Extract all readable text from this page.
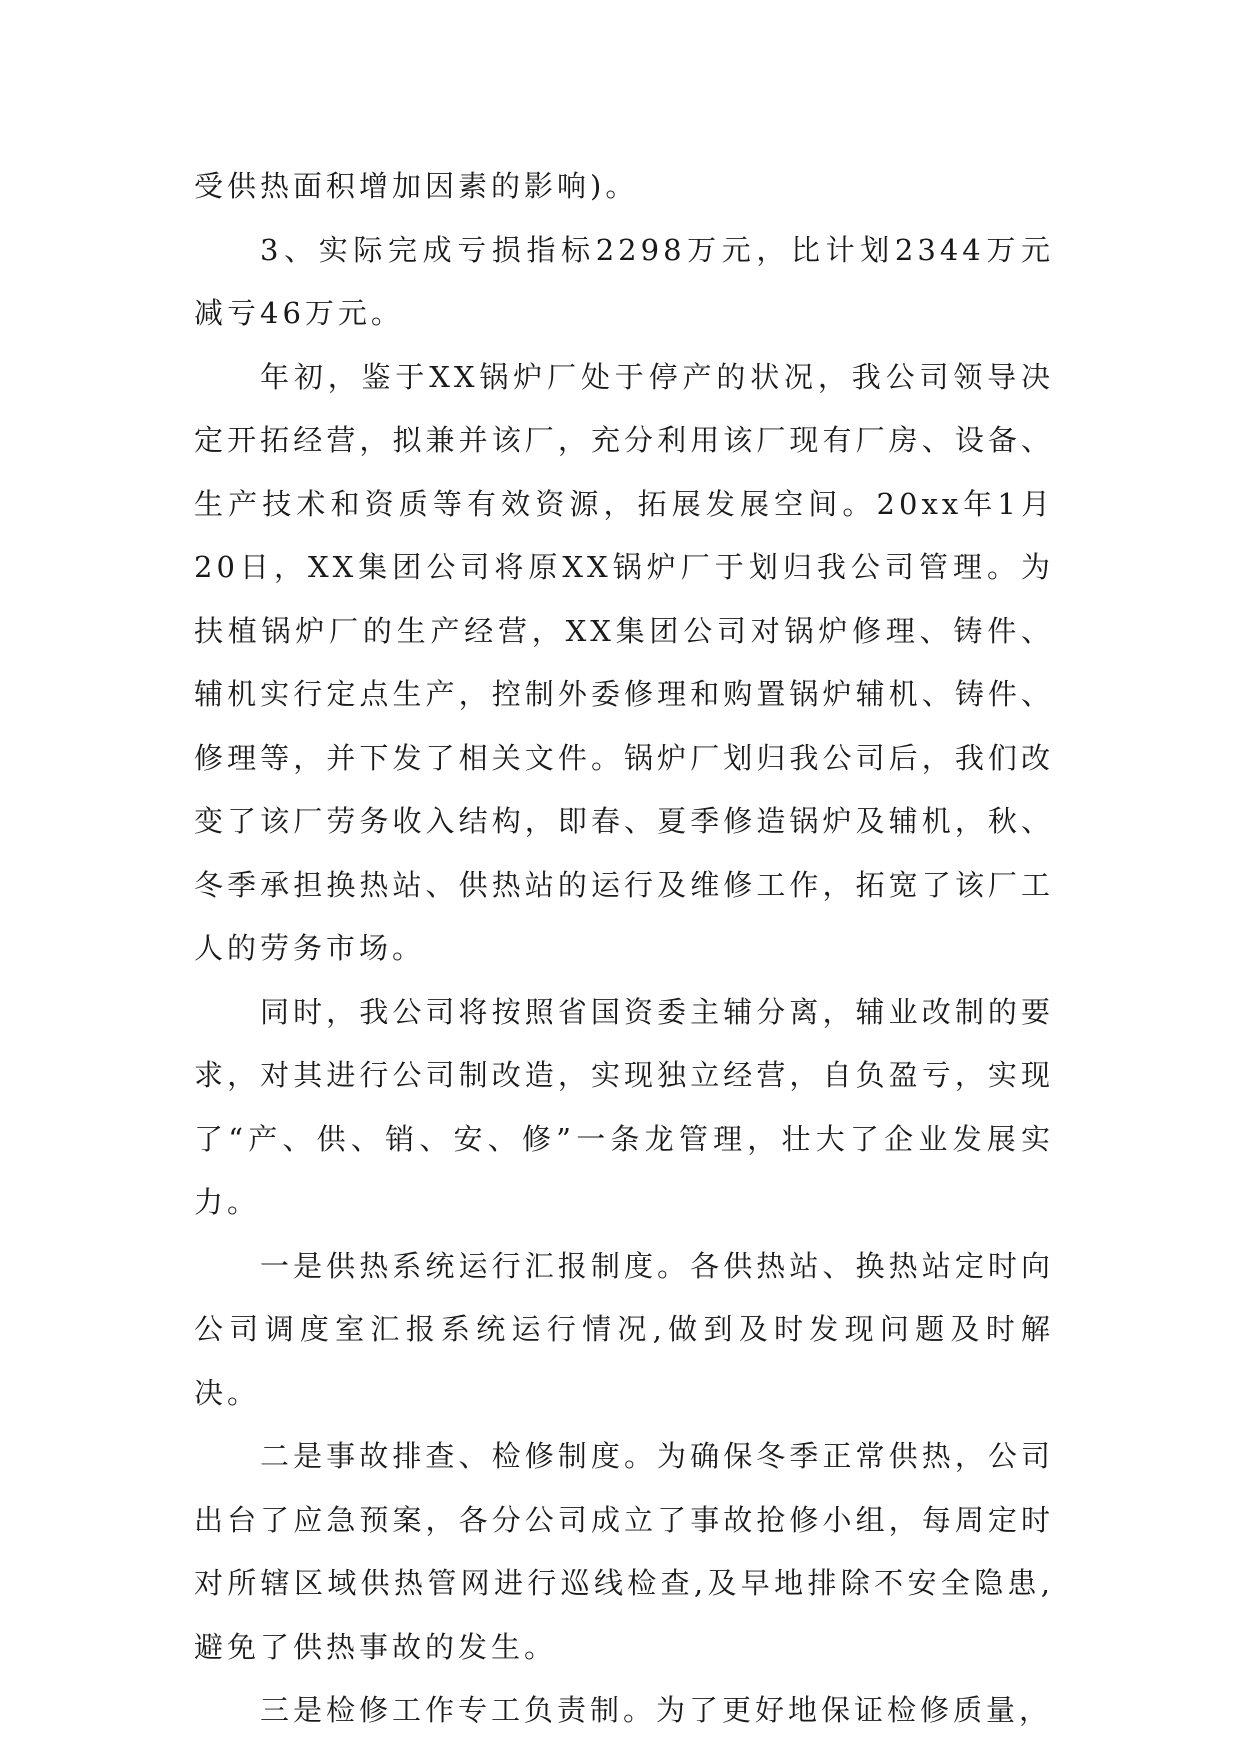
受供热面积增加因素的影响)。

3、实际完成亏损指标2298万元，比计划2344万元减亏46万元。

年初，鉴于XX锅炉厂处于停产的状况，我公司领导决定开拓经营，拟兼并该厂，充分利用该厂现有厂房、设备、生产技术和资质等有效资源，拓展发展空间。20xx年1月20日，XX集团公司将原XX锅炉厂于划归我公司管理。为扶植锅炉厂的生产经营，XX集团公司对锅炉修理、铸件、辅机实行定点生产，控制外委修理和购置锅炉辅机、铸件、修理等，并下发了相关文件。锅炉厂划归我公司后，我们改变了该厂劳务收入结构，即春、夏季修造锅炉及辅机，秋、冬季承担换热站、供热站的运行及维修工作，拓宽了该厂工人的劳务市场。

同时，我公司将按照省国资委主辅分离，辅业改制的要求，对其进行公司制改造，实现独立经营，自负盈亏，实现了“产、供、销、安、修”一条龙管理，壮大了企业发展实力。

一是供热系统运行汇报制度。各供热站、换热站定时向公司调度室汇报系统运行情况,做到及时发现问题及时解决。

二是事故排查、检修制度。为确保冬季正常供热，公司出台了应急预案，各分公司成立了事故抢修小组，每周定时对所辖区域供热管网进行巡线检查,及早地排除不安全隐患,避免了供热事故的发生。

三是检修工作专工负责制。为了更好地保证检修质量，
